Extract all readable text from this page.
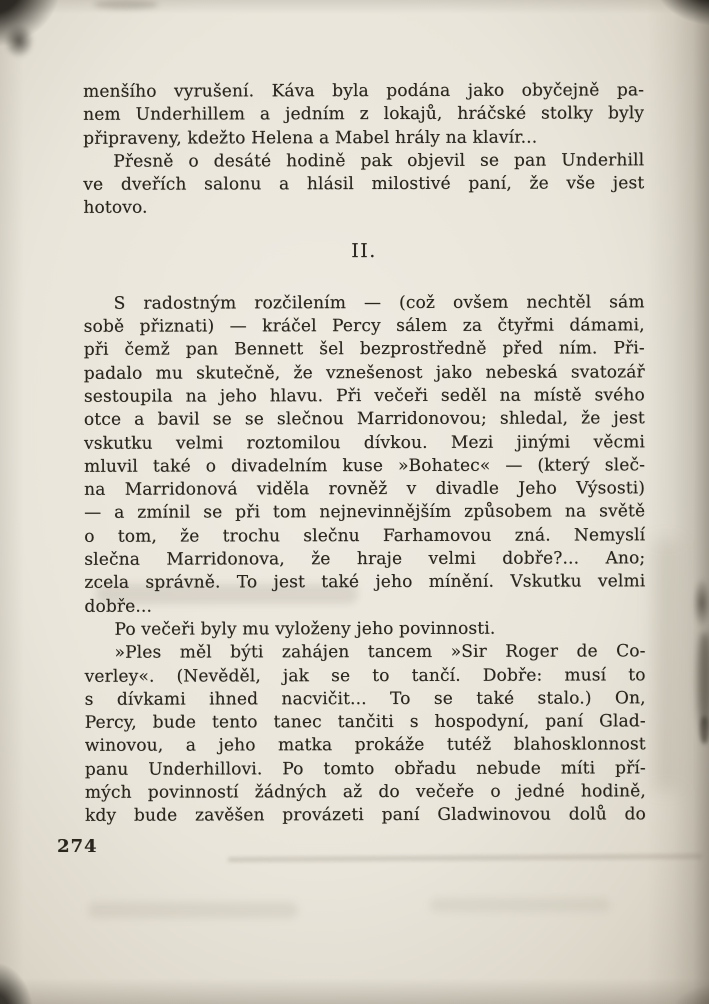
menšího vyrušení. Káva byla podána jako obyčejně pa-
nem Underhillem a jedním z lokajů, hráčské stolky byly
připraveny, kdežto Helena a Mabel hrály na klavír...
Přesně o desáté hodině pak objevil se pan Underhill
ve dveřích salonu a hlásil milostivé paní, že vše jest
hotovo.
II.
S radostným rozčilením — (což ovšem nechtěl sám
sobě přiznati) — kráčel Percy sálem za čtyřmi dámami,
při čemž pan Bennett šel bezprostředně před ním. Při-
padalo mu skutečně, že vznešenost jako nebeská svatozář
sestoupila na jeho hlavu. Při večeři seděl na místě svého
otce a bavil se se slečnou Marridonovou; shledal, že jest
vskutku velmi roztomilou dívkou. Mezi jinými věcmi
mluvil také o divadelním kuse »Bohatec« — (který sleč-
na Marridonová viděla rovněž v divadle Jeho Výsosti)
— a zmínil se při tom nejnevinnějším způsobem na světě
o tom, že trochu slečnu Farhamovou zná. Nemyslí
slečna Marridonova, že hraje velmi dobře?... Ano;
zcela správně. To jest také jeho mínění. Vskutku velmi
dobře...
Po večeři byly mu vyloženy jeho povinnosti.
»Ples měl býti zahájen tancem »Sir Roger de Co-
verley«. (Nevěděl, jak se to tančí. Dobře: musí to
s dívkami ihned nacvičit... To se také stalo.) On,
Percy, bude tento tanec tančiti s hospodyní, paní Glad-
winovou, a jeho matka prokáže tutéž blahosklonnost
panu Underhillovi. Po tomto obřadu nebude míti pří-
mých povinností žádných až do večeře o jedné hodině,
kdy bude zavěšen provázeti paní Gladwinovou dolů do
274
